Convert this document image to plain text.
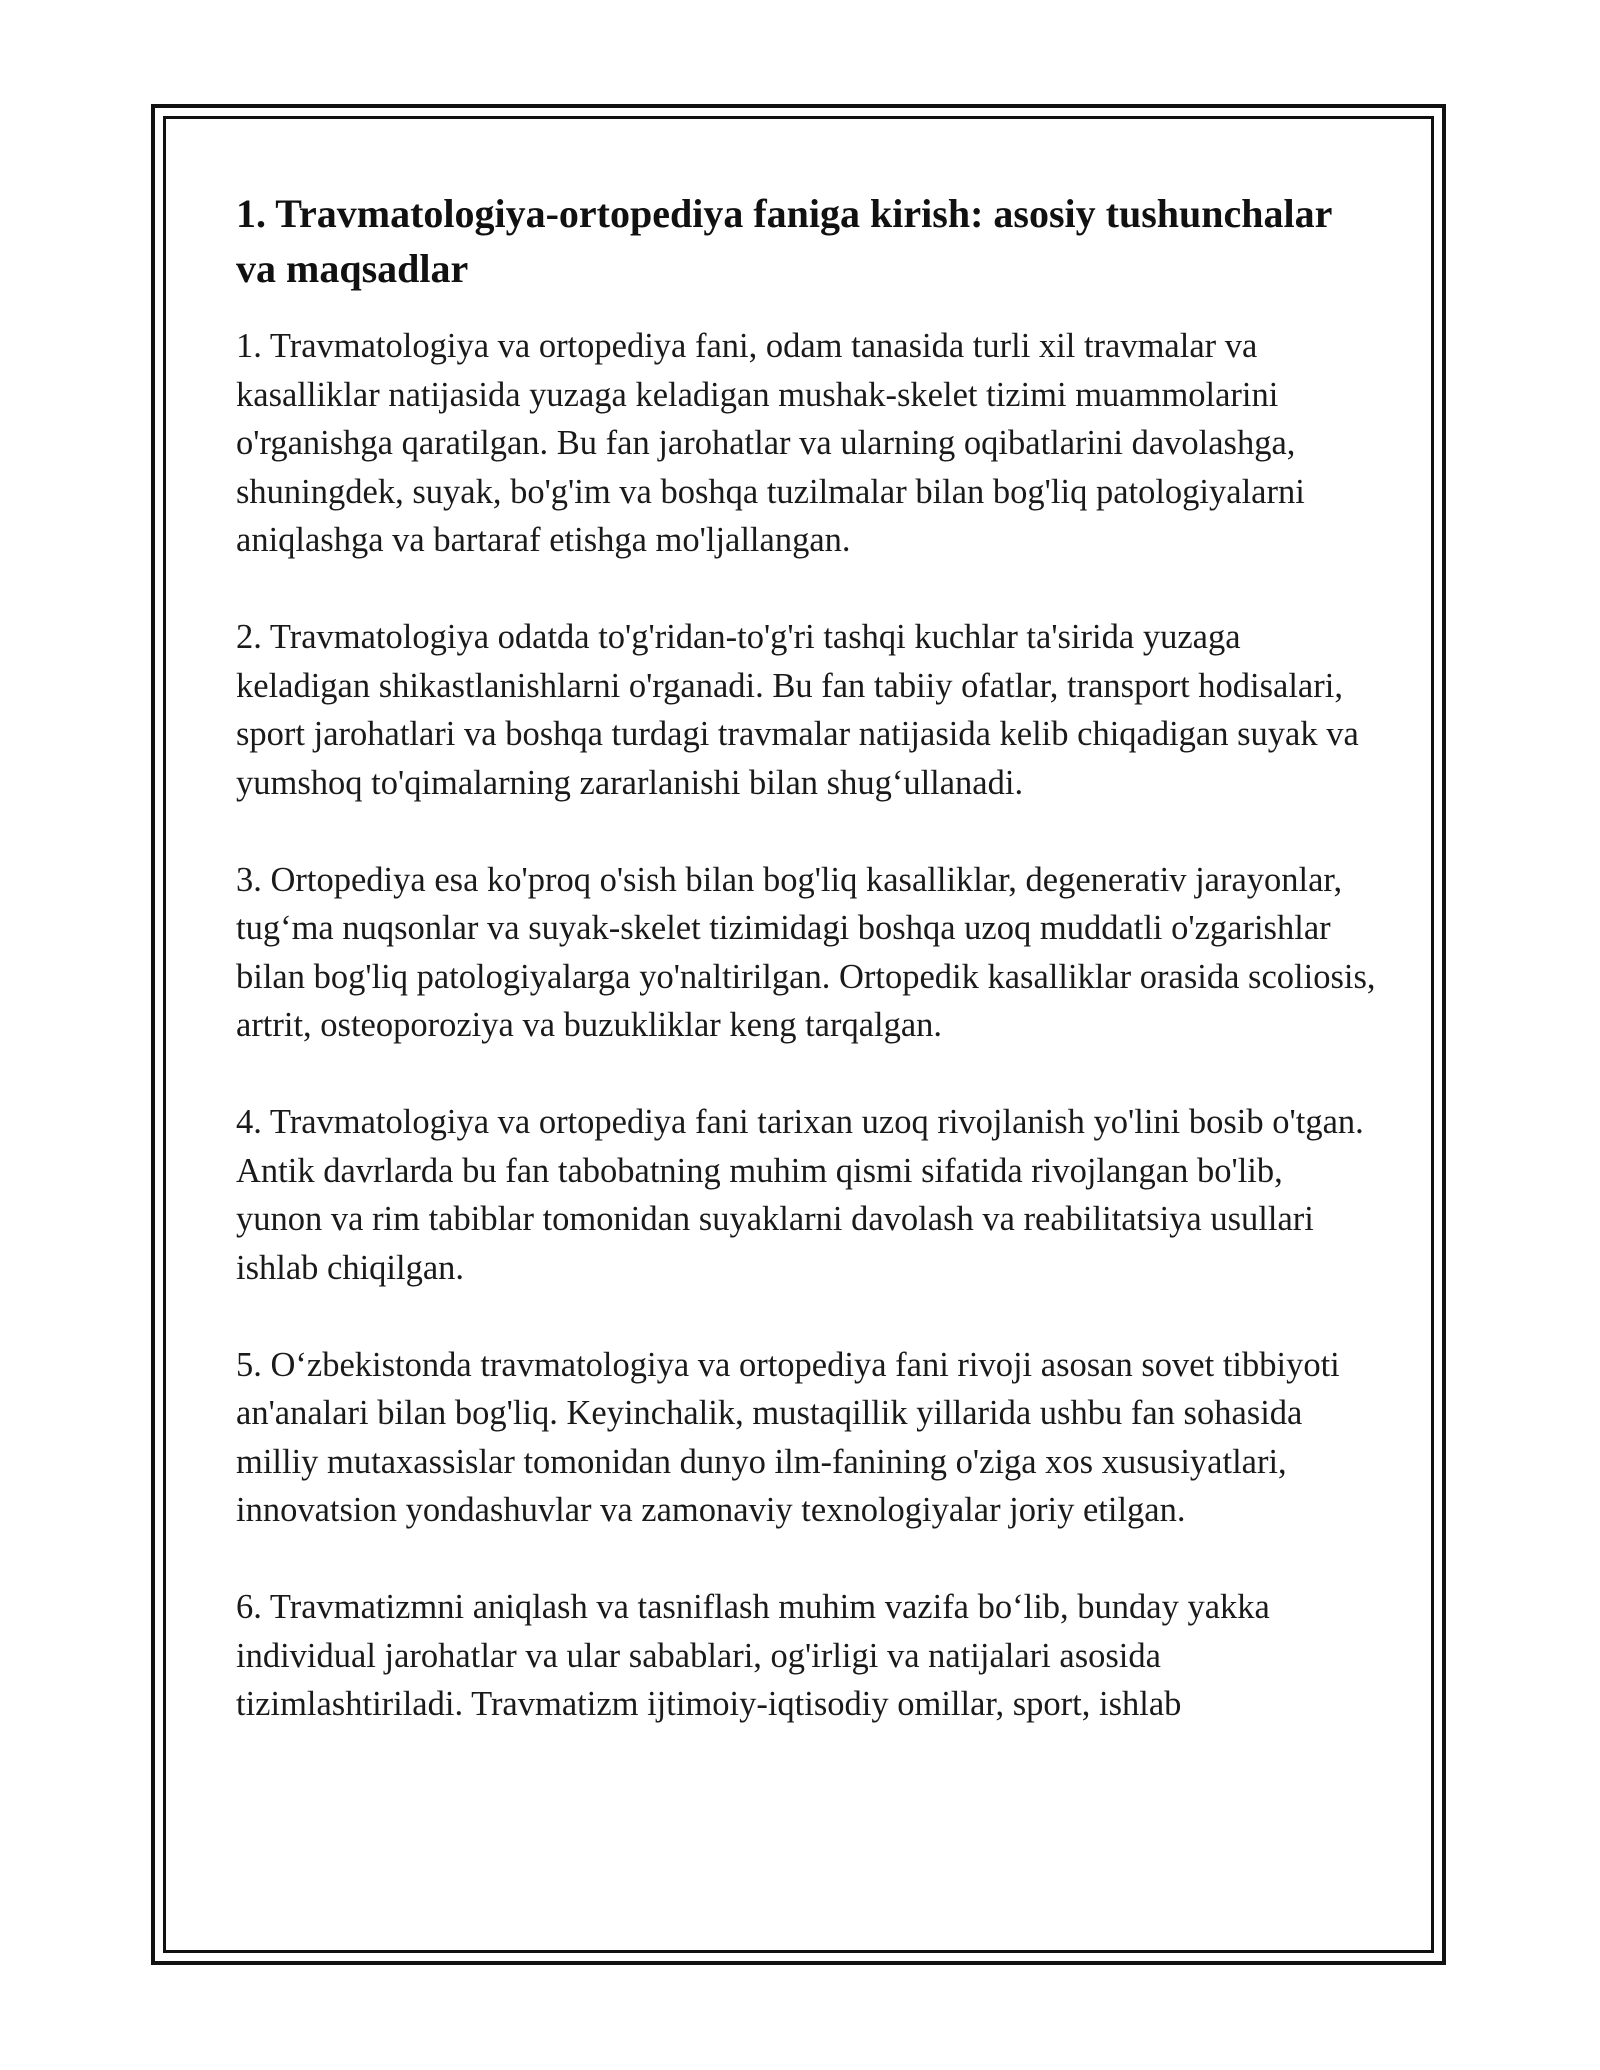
1. Travmatologiya-ortopediya faniga kirish: asosiy tushunchalar va maqsadlar

1. Travmatologiya va ortopediya fani, odam tanasida turli xil travmalar va kasalliklar natijasida yuzaga keladigan mushak-skelet tizimi muammolarini o'rganishga qaratilgan. Bu fan jarohatlar va ularning oqibatlarini davolashga, shuningdek, suyak, bo'g'im va boshqa tuzilmalar bilan bog'liq patologiyalarni aniqlashga va bartaraf etishga mo'ljallangan.

2. Travmatologiya odatda to'g'ridan-to'g'ri tashqi kuchlar ta'sirida yuzaga keladigan shikastlanishlarni o'rganadi. Bu fan tabiiy ofatlar, transport hodisalari, sport jarohatlari va boshqa turdagi travmalar natijasida kelib chiqadigan suyak va yumshoq to'qimalarning zararlanishi bilan shug‘ullanadi.

3. Ortopediya esa ko'proq o'sish bilan bog'liq kasalliklar, degenerativ jarayonlar, tug‘ma nuqsonlar va suyak-skelet tizimidagi boshqa uzoq muddatli o'zgarishlar bilan bog'liq patologiyalarga yo'naltirilgan. Ortopedik kasalliklar orasida scoliosis, artrit, osteoporoziya va buzukliklar keng tarqalgan.

4. Travmatologiya va ortopediya fani tarixan uzoq rivojlanish yo'lini bosib o'tgan. Antik davrlarda bu fan tabobatning muhim qismi sifatida rivojlangan bo'lib, yunon va rim tabiblar tomonidan suyaklarni davolash va reabilitatsiya usullari ishlab chiqilgan.

5. O‘zbekistonda travmatologiya va ortopediya fani rivoji asosan sovet tibbiyoti an'analari bilan bog'liq. Keyinchalik, mustaqillik yillarida ushbu fan sohasida milliy mutaxassislar tomonidan dunyo ilm-fanining o'ziga xos xususiyatlari, innovatsion yondashuvlar va zamonaviy texnologiyalar joriy etilgan.

6. Travmatizmni aniqlash va tasniflash muhim vazifa bo‘lib, bunday yakka individual jarohatlar va ular sabablari, og'irligi va natijalari asosida tizimlashtiriladi. Travmatizm ijtimoiy-iqtisodiy omillar, sport, ishlab
